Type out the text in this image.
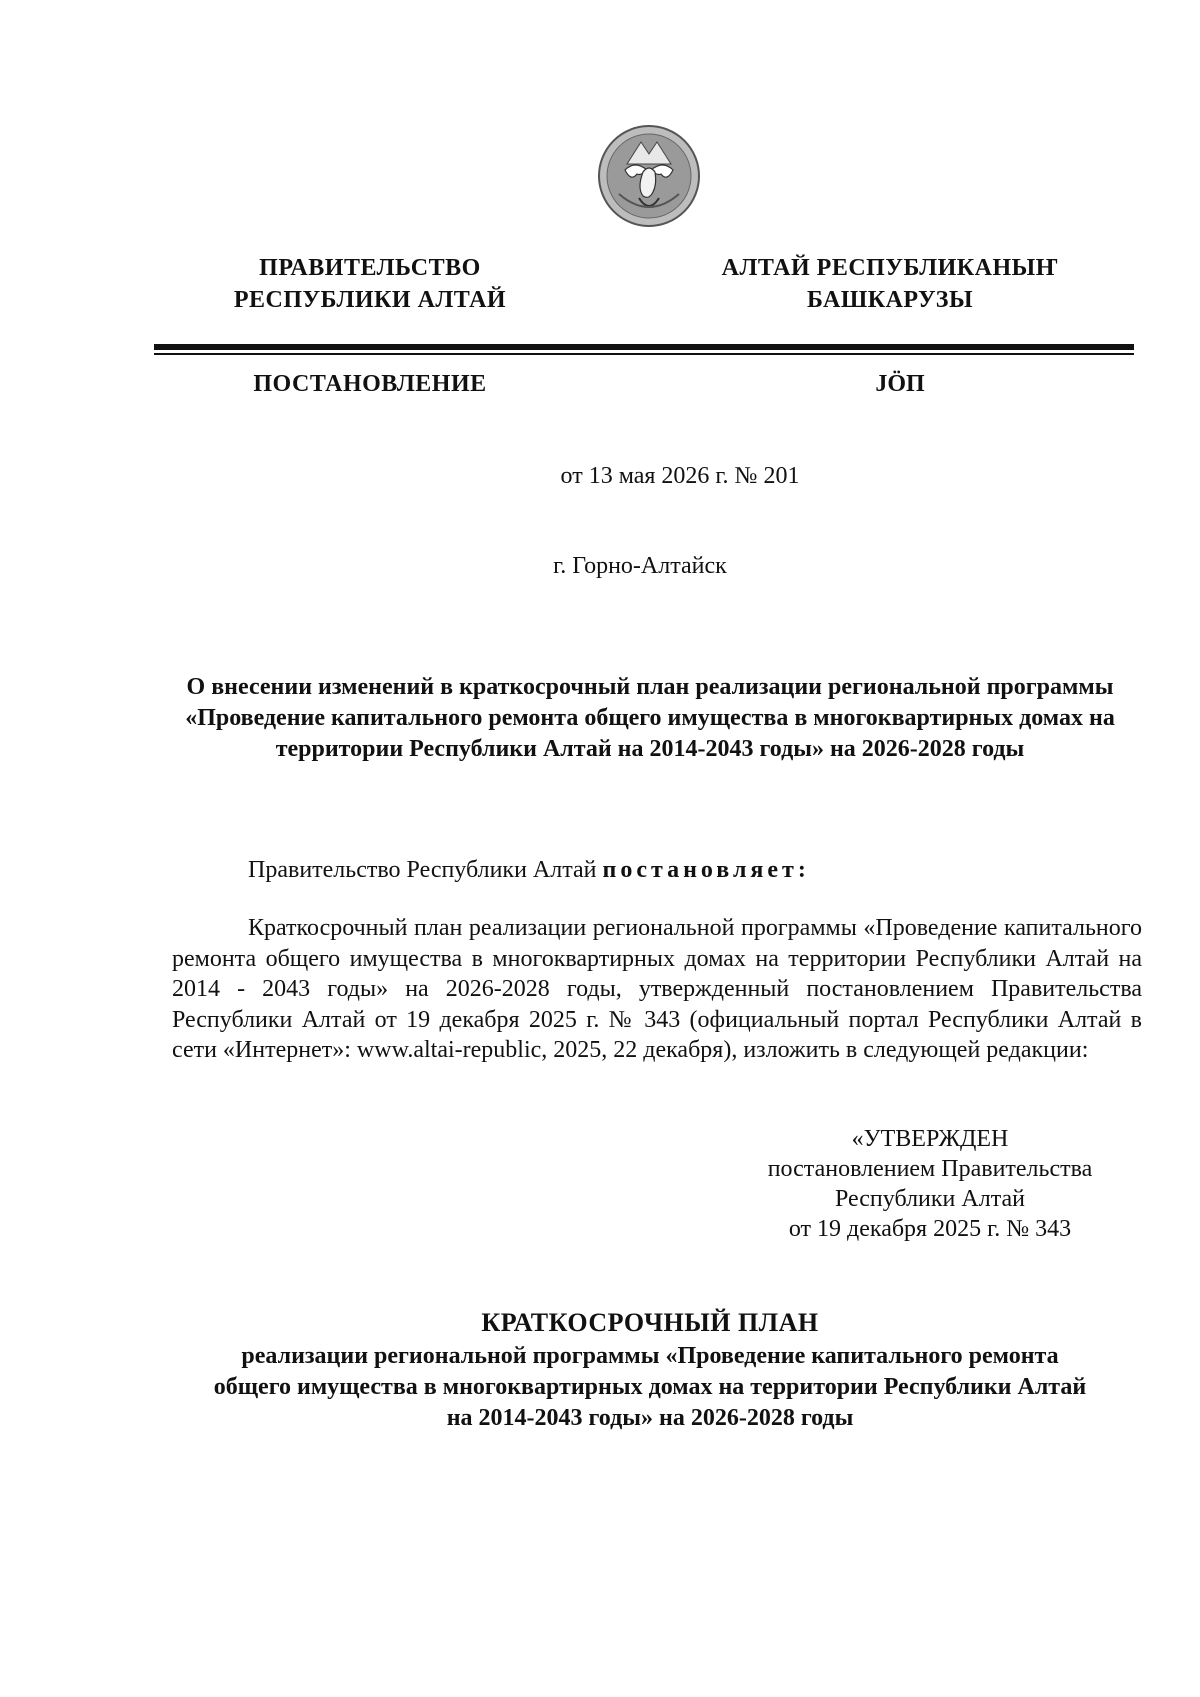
ПРАВИТЕЛЬСТВО
РЕСПУБЛИКИ АЛТАЙ
АЛТАЙ РЕСПУБЛИКАНЫҤ
БАШКАРУЗЫ
ПОСТАНОВЛЕНИЕ	JӦП
от 13 мая 2026 г. № 201
г. Горно-Алтайск
О внесении изменений в краткосрочный план реализации региональной программы «Проведение капитального ремонта общего имущества в многоквартирных домах на территории Республики Алтай на 2014-2043 годы» на 2026-2028 годы
Правительство Республики Алтай постановляет:
Краткосрочный план реализации региональной программы «Проведение капитального ремонта общего имущества в многоквартирных домах на территории Республики Алтай на 2014 - 2043 годы» на 2026-2028 годы, утвержденный постановлением Правительства Республики Алтай от 19 декабря 2025 г. № 343 (официальный портал Республики Алтай в сети «Интернет»: www.altai-republic, 2025, 22 декабря), изложить в следующей редакции:
«УТВЕРЖДЕН
постановлением Правительства
Республики Алтай
от 19 декабря 2025 г. № 343
КРАТКОСРОЧНЫЙ ПЛАН
реализации региональной программы «Проведение капитального ремонта
общего имущества в многоквартирных домах на территории Республики Алтай
на 2014-2043 годы» на 2026-2028 годы
